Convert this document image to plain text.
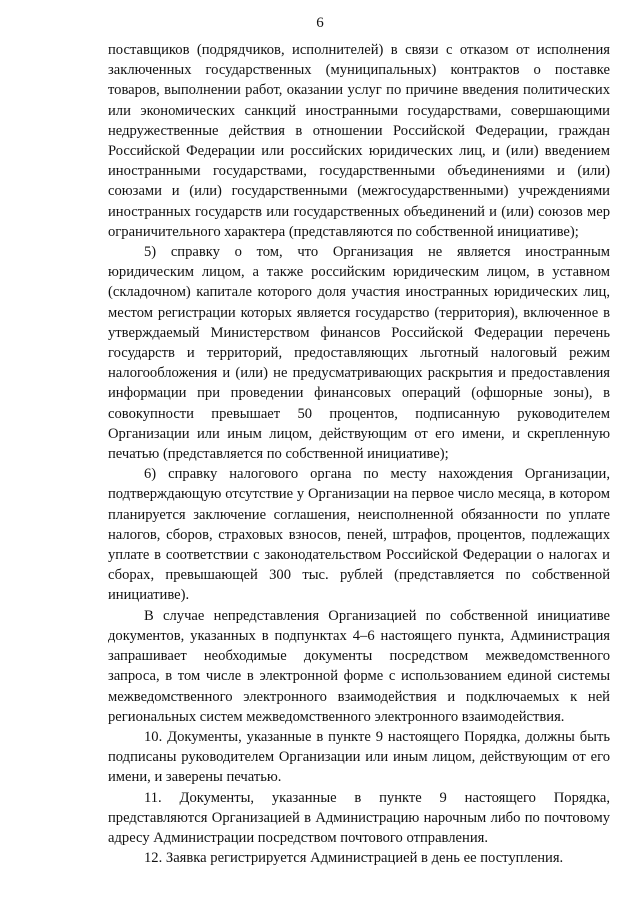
6

поставщиков (подрядчиков, исполнителей) в связи с отказом от исполнения заключенных государственных (муниципальных) контрактов о поставке товаров, выполнении работ, оказании услуг по причине введения политических или экономических санкций иностранными государствами, совершающими недружественные действия в отношении Российской Федерации, граждан Российской Федерации или российских юридических лиц, и (или) введением иностранными государствами, государственными объединениями и (или) союзами и (или) государственными (межгосударственными) учреждениями иностранных государств или государственных объединений и (или) союзов мер ограничительного характера (представляются по собственной инициативе);

5) справку о том, что Организация не является иностранным юридическим лицом, а также российским юридическим лицом, в уставном (складочном) капитале которого доля участия иностранных юридических лиц, местом регистрации которых является государство (территория), включенное в утверждаемый Министерством финансов Российской Федерации перечень государств и территорий, предоставляющих льготный налоговый режим налогообложения и (или) не предусматривающих раскрытия и предоставления информации при проведении финансовых операций (офшорные зоны), в совокупности превышает 50 процентов, подписанную руководителем Организации или иным лицом, действующим от его имени, и скрепленную печатью (представляется по собственной инициативе);

6) справку налогового органа по месту нахождения Организации, подтверждающую отсутствие у Организации на первое число месяца, в котором планируется заключение соглашения, неисполненной обязанности по уплате налогов, сборов, страховых взносов, пеней, штрафов, процентов, подлежащих уплате в соответствии с законодательством Российской Федерации о налогах и сборах, превышающей 300 тыс. рублей (представляется по собственной инициативе).

В случае непредставления Организацией по собственной инициативе документов, указанных в подпунктах 4–6 настоящего пункта, Администрация запрашивает необходимые документы посредством межведомственного запроса, в том числе в электронной форме с использованием единой системы межведомственного электронного взаимодействия и подключаемых к ней региональных систем межведомственного электронного взаимодействия.

10. Документы, указанные в пункте 9 настоящего Порядка, должны быть подписаны руководителем Организации или иным лицом, действующим от его имени, и заверены печатью.

11. Документы, указанные в пункте 9 настоящего Порядка, представляются Организацией в Администрацию нарочным либо по почтовому адресу Администрации посредством почтового отправления.

12. Заявка регистрируется Администрацией в день ее поступления.
